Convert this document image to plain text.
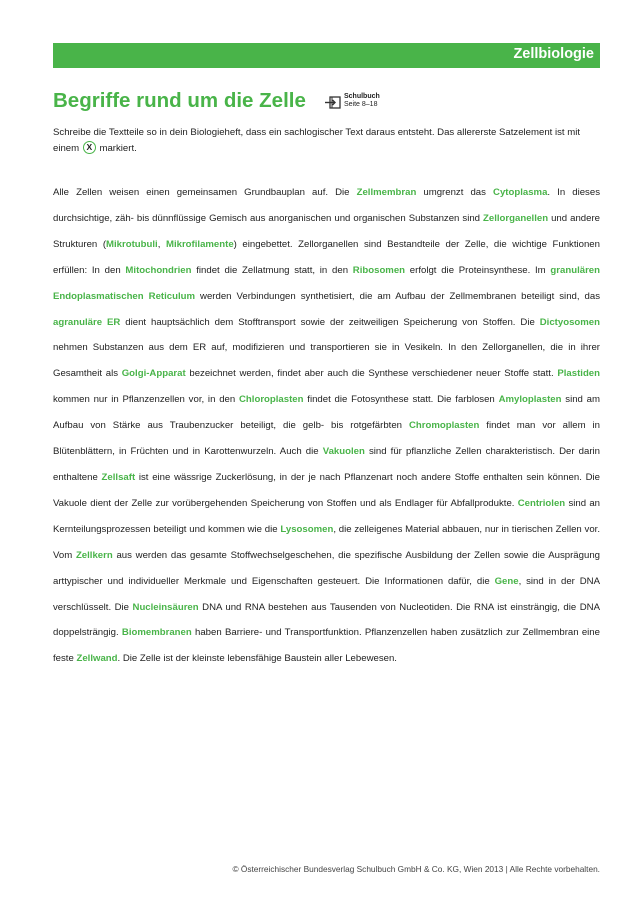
Zellbiologie
Begriffe rund um die Zelle	Schulbuch
Seite 8–18

Schreibe die Textteile so in dein Biologieheft, dass ein sachlogischer Text daraus entsteht. Das allererste Satzelement ist mit einem X markiert.

Alle Zellen weisen einen gemeinsamen Grundbauplan auf. Die Zellmembran umgrenzt das Cytoplasma. In dieses durchsichtige, zäh- bis dünnflüssige Gemisch aus anorganischen und organischen Substanzen sind Zellorganellen und andere Strukturen (Mikrotubuli, Mikrofilamente) eingebettet. Zellorganellen sind Bestandteile der Zelle, die wichtige Funktionen erfüllen: In den Mitochondrien findet die Zellatmung statt, in den Ribosomen erfolgt die Proteinsynthese. Im granulären Endoplasmatischen Reticulum werden Verbindungen synthetisiert, die am Aufbau der Zellmembranen beteiligt sind, das agranuläre ER dient hauptsächlich dem Stofftransport sowie der zeitweiligen Speicherung von Stoffen. Die Dictyosomen nehmen Substanzen aus dem ER auf, modifizieren und transportieren sie in Vesikeln. In den Zellorganellen, die in ihrer Gesamtheit als Golgi-Apparat bezeichnet werden, findet aber auch die Synthese verschiedener neuer Stoffe statt. Plastiden kommen nur in Pflanzenzellen vor, in den Chloroplasten findet die Fotosynthese statt. Die farblosen Amyloplasten sind am Aufbau von Stärke aus Traubenzucker beteiligt, die gelb- bis rotgefärbten Chromoplasten findet man vor allem in Blütenblättern, in Früchten und in Karottenwurzeln. Auch die Vakuolen sind für pflanzliche Zellen charakteristisch. Der darin enthaltene Zellsaft ist eine wässrige Zuckerlösung, in der je nach Pflanzenart noch andere Stoffe enthalten sein können. Die Vakuole dient der Zelle zur vorübergehenden Speicherung von Stoffen und als Endlager für Abfallprodukte. Centriolen sind an Kernteilungsprozessen beteiligt und kommen wie die Lysosomen, die zelleigenes Material abbauen, nur in tierischen Zellen vor. Vom Zellkern aus werden das gesamte Stoffwechselgeschehen, die spezifische Ausbildung der Zellen sowie die Ausprägung arttypischer und individueller Merkmale und Eigenschaften gesteuert. Die Informationen dafür, die Gene, sind in der DNA verschlüsselt. Die Nucleinsäuren DNA und RNA bestehen aus Tausenden von Nucleotiden. Die RNA ist einsträngig, die DNA doppelsträngig. Biomembranen haben Barriere- und Transportfunktion. Pflanzenzellen haben zusätzlich zur Zellmembran eine feste Zellwand. Die Zelle ist der kleinste lebensfähige Baustein aller Lebewesen.

© Österreichischer Bundesverlag Schulbuch GmbH & Co. KG, Wien 2013 | Alle Rechte vorbehalten.
